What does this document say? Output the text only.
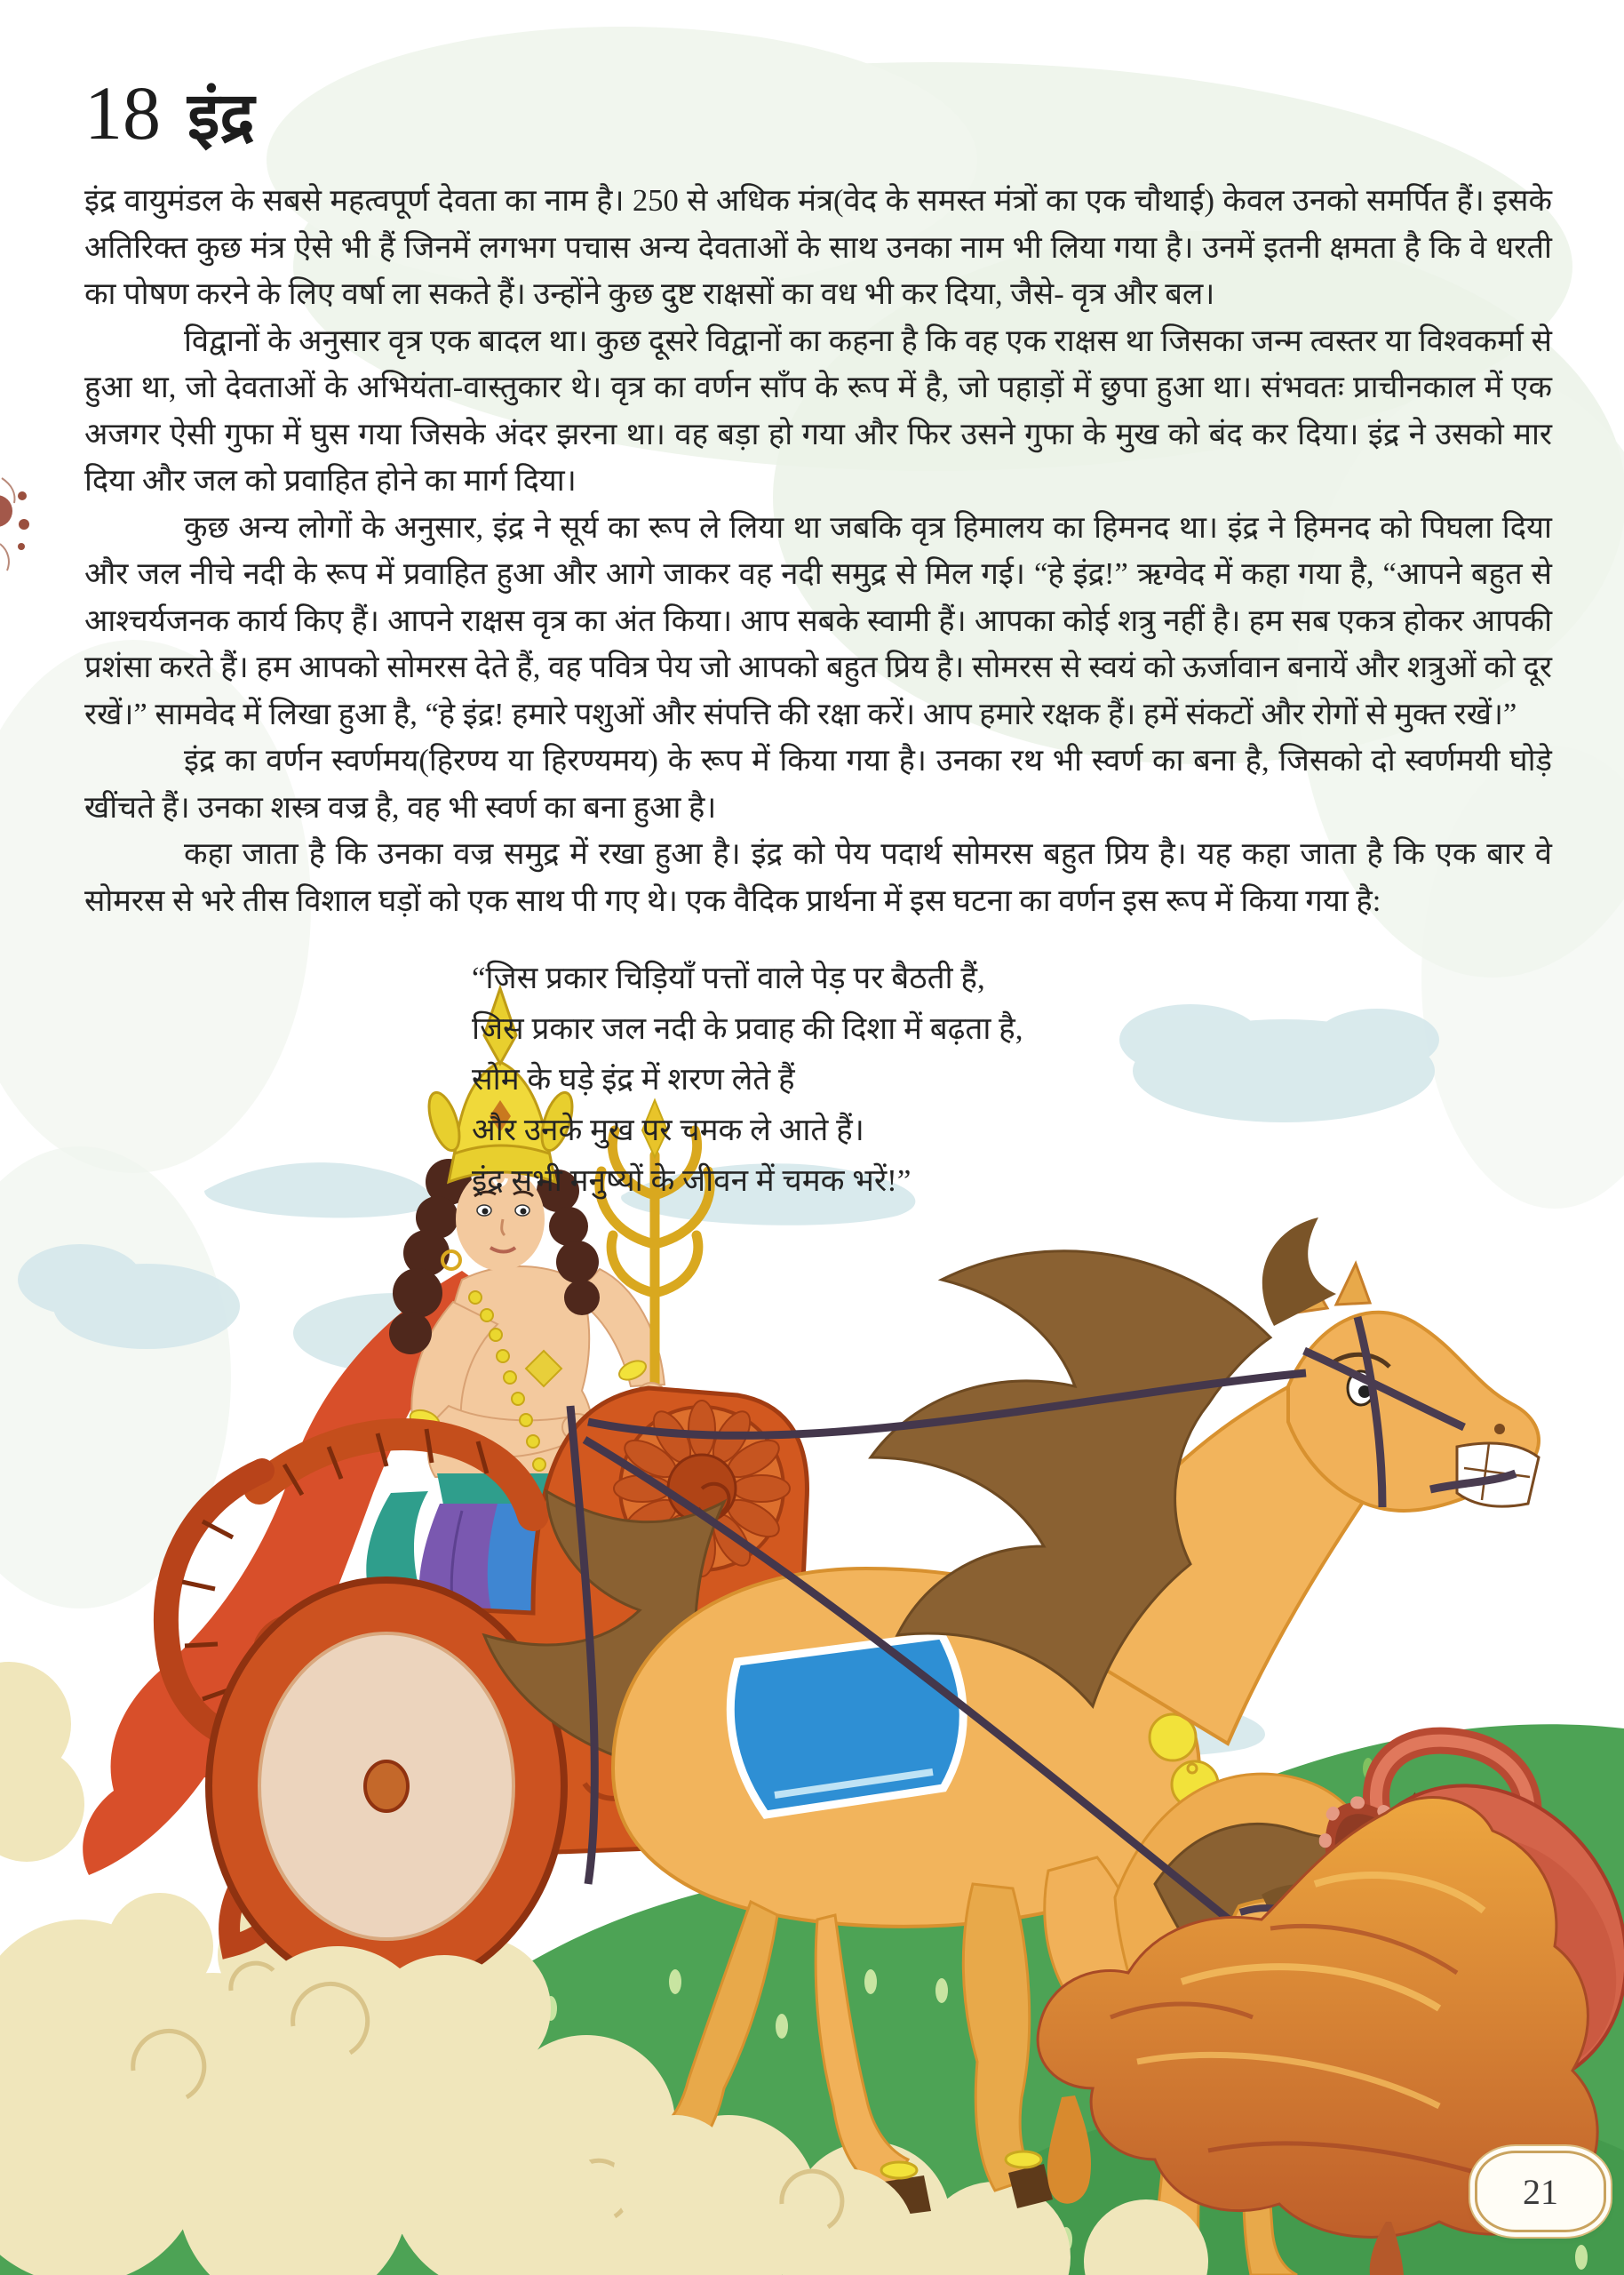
18 इंद्र

इंद्र वायुमंडल के सबसे महत्वपूर्ण देवता का नाम है। 250 से अधिक मंत्र(वेद के समस्त मंत्रों का एक चौथाई) केवल उनको समर्पित हैं। इसके अतिरिक्त कुछ मंत्र ऐसे भी हैं जिनमें लगभग पचास अन्य देवताओं के साथ उनका नाम भी लिया गया है। उनमें इतनी क्षमता है कि वे धरती का पोषण करने के लिए वर्षा ला सकते हैं। उन्होंने कुछ दुष्ट राक्षसों का वध भी कर दिया, जैसे- वृत्र और बल।

विद्वानों के अनुसार वृत्र एक बादल था। कुछ दूसरे विद्वानों का कहना है कि वह एक राक्षस था जिसका जन्म त्वस्तर या विश्वकर्मा से हुआ था, जो देवताओं के अभियंता-वास्तुकार थे। वृत्र का वर्णन साँप के रूप में है, जो पहाड़ों में छुपा हुआ था। संभवतः प्राचीनकाल में एक अजगर ऐसी गुफा में घुस गया जिसके अंदर झरना था। वह बड़ा हो गया और फिर उसने गुफा के मुख को बंद कर दिया। इंद्र ने उसको मार दिया और जल को प्रवाहित होने का मार्ग दिया।

कुछ अन्य लोगों के अनुसार, इंद्र ने सूर्य का रूप ले लिया था जबकि वृत्र हिमालय का हिमनद था। इंद्र ने हिमनद को पिघला दिया और जल नीचे नदी के रूप में प्रवाहित हुआ और आगे जाकर वह नदी समुद्र से मिल गई। “हे इंद्र!” ऋग्वेद में कहा गया है, “आपने बहुत से आश्चर्यजनक कार्य किए हैं। आपने राक्षस वृत्र का अंत किया। आप सबके स्वामी हैं। आपका कोई शत्रु नहीं है। हम सब एकत्र होकर आपकी प्रशंसा करते हैं। हम आपको सोमरस देते हैं, वह पवित्र पेय जो आपको बहुत प्रिय है। सोमरस से स्वयं को ऊर्जावान बनायें और शत्रुओं को दूर रखें।” सामवेद में लिखा हुआ है, “हे इंद्र! हमारे पशुओं और संपत्ति की रक्षा करें। आप हमारे रक्षक हैं। हमें संकटों और रोगों से मुक्त रखें।”

इंद्र का वर्णन स्वर्णमय(हिरण्य या हिरण्यमय) के रूप में किया गया है। उनका रथ भी स्वर्ण का बना है, जिसको दो स्वर्णमयी घोड़े खींचते हैं। उनका शस्त्र वज्र है, वह भी स्वर्ण का बना हुआ है।

कहा जाता है कि उनका वज्र समुद्र में रखा हुआ है। इंद्र को पेय पदार्थ सोमरस बहुत प्रिय है। यह कहा जाता है कि एक बार वे सोमरस से भरे तीस विशाल घड़ों को एक साथ पी गए थे। एक वैदिक प्रार्थना में इस घटना का वर्णन इस रूप में किया गया है:

“जिस प्रकार चिड़ियाँ पत्तों वाले पेड़ पर बैठती हैं,
जिस प्रकार जल नदी के प्रवाह की दिशा में बढ़ता है,
सोम के घड़े इंद्र में शरण लेते हैं
और उनके मुख पर चमक ले आते हैं।
इंद्र सभी मनुष्यों के जीवन में चमक भरें!”
21
